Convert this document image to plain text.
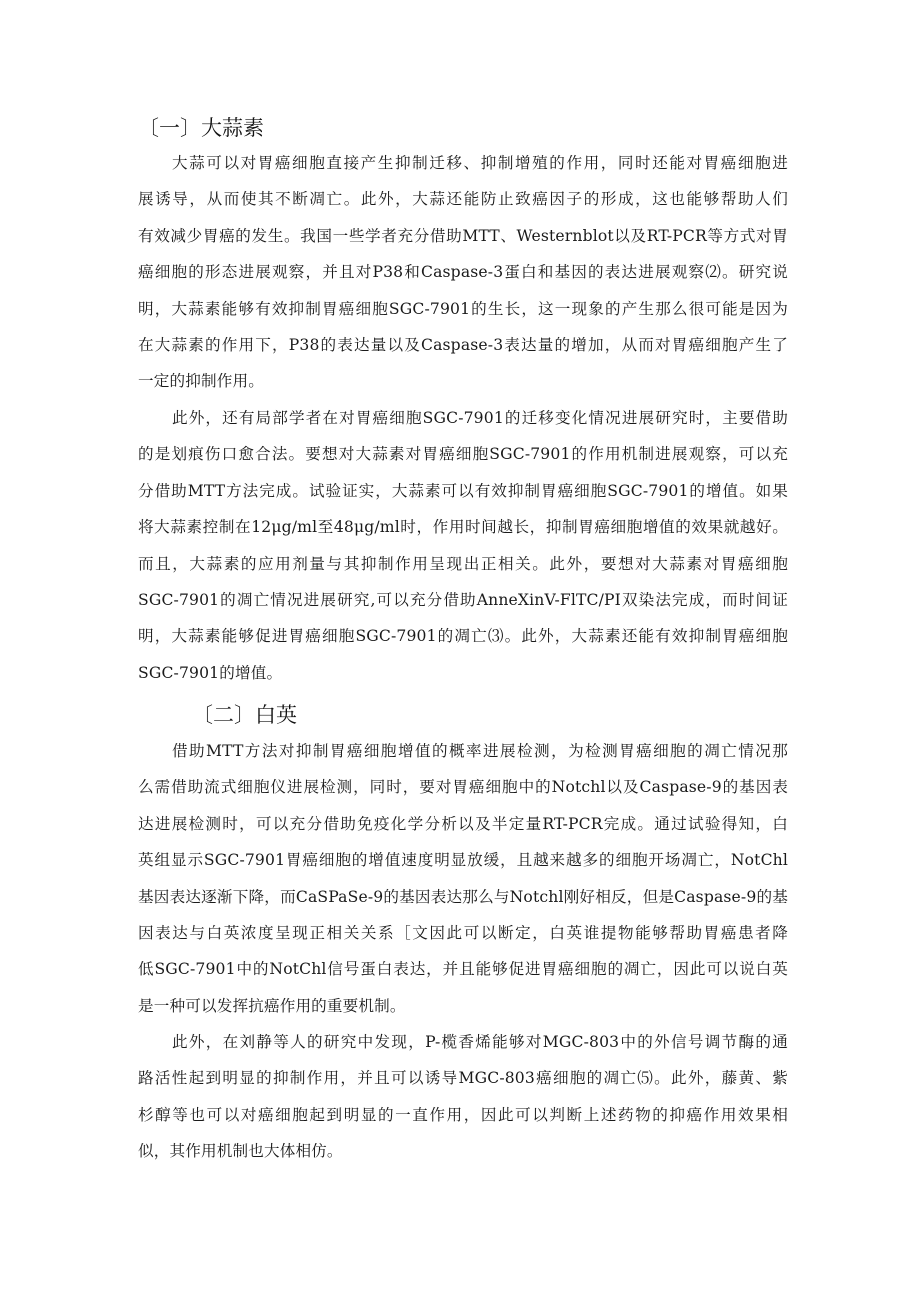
〔一〕大蒜素
大蒜可以对胃癌细胞直接产生抑制迁移、抑制增殖的作用，同时还能对胃癌细胞进
展诱导，从而使其不断凋亡。此外，大蒜还能防止致癌因子的形成，这也能够帮助人们
有效减少胃癌的发生。我国一些学者充分借助MTT、Westernblot以及RT-PCR等方式对胃
癌细胞的形态进展观察，并且对P38和Caspase-3蛋白和基因的表达进展观察⑵。研究说
明，大蒜素能够有效抑制胃癌细胞SGC-7901的生长，这一现象的产生那么很可能是因为
在大蒜素的作用下，P38的表达量以及Caspase-3表达量的增加，从而对胃癌细胞产生了
一定的抑制作用。
此外，还有局部学者在对胃癌细胞SGC-7901的迁移变化情况进展研究时，主要借助
的是划痕伤口愈合法。要想对大蒜素对胃癌细胞SGC-7901的作用机制进展观察，可以充
分借助MTT方法完成。试验证实，大蒜素可以有效抑制胃癌细胞SGC-7901的增值。如果
将大蒜素控制在12μg∕ml至48μg∕ml时，作用时间越长，抑制胃癌细胞增值的效果就越好。
而且，大蒜素的应用剂量与其抑制作用呈现出正相关。此外，要想对大蒜素对胃癌细胞
SGC-7901的凋亡情况进展研究,可以充分借助AnneXinV-FlTC/PI双染法完成，而时间证
明，大蒜素能够促进胃癌细胞SGC-7901的凋亡⑶。此外，大蒜素还能有效抑制胃癌细胞
SGC-7901的增值。
〔二〕白英
借助MTT方法对抑制胃癌细胞增值的概率进展检测，为检测胃癌细胞的凋亡情况那
么需借助流式细胞仪进展检测，同时，要对胃癌细胞中的Notchl以及Caspase-9的基因表
达进展检测时，可以充分借助免疫化学分析以及半定量RT-PCR完成。通过试验得知，白
英组显示SGC-7901胃癌细胞的增值速度明显放缓，且越来越多的细胞开场凋亡，NotChl
基因表达逐渐下降，而CaSPaSe-9的基因表达那么与Notchl刚好相反，但是Caspase-9的基
因表达与白英浓度呈现正相关关系［文因此可以断定，白英谁提物能够帮助胃癌患者降
低SGC-7901中的NotChl信号蛋白表达，并且能够促进胃癌细胞的凋亡，因此可以说白英
是一种可以发挥抗癌作用的重要机制。
此外，在刘静等人的研究中发现，P-榄香烯能够对MGC-803中的外信号调节酶的通
路活性起到明显的抑制作用，并且可以诱导MGC-803癌细胞的凋亡⑸。此外，藤黄、紫
杉醇等也可以对癌细胞起到明显的一直作用，因此可以判断上述药物的抑癌作用效果相
似，其作用机制也大体相仿。
